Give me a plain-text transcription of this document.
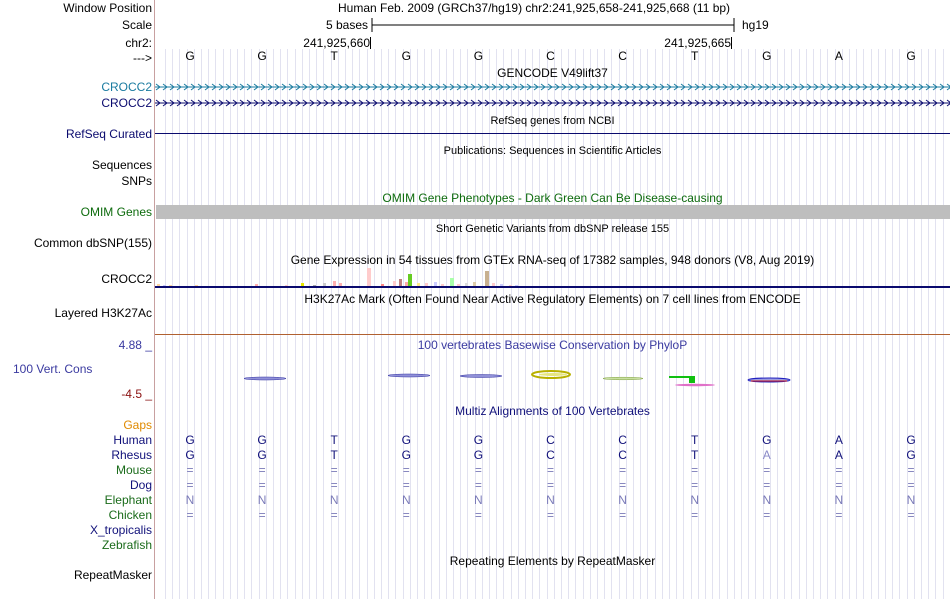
Window Position	Human Feb. 2009 (GRCh37/hg19) chr2:241,925,658-241,925,668 (11 bp)
Scale	5 bases	hg19
chr2:	241,925,660	241,925,665
--->	G	G	T	G	G	C	C	T	G	A	G
GENCODE V49lift37
CROCC2
CROCC2
RefSeq genes from NCBI
RefSeq Curated
Publications: Sequences in Scientific Articles
Sequences
SNPs
OMIM Gene Phenotypes - Dark Green Can Be Disease-causing
OMIM Genes
Short Genetic Variants from dbSNP release 155
Common dbSNP(155)
Gene Expression in 54 tissues from GTEx RNA-seq of 17382 samples, 948 donors (V8, Aug 2019)
CROCC2
H3K27Ac Mark (Often Found Near Active Regulatory Elements) on 7 cell lines from ENCODE
Layered H3K27Ac
4.88 _	100 vertebrates Basewise Conservation by PhyloP
100 Vert. Cons
-4.5 _
Multiz Alignments of 100 Vertebrates
Gaps
Human	G	G	T	G	G	C	C	T	G	A	G
Rhesus	G	G	T	G	G	C	C	T	A	A	G
Mouse	=	=	=	=	=	=	=	=	=	=	=
Dog	=	=	=	=	=	=	=	=	=	=	=
Elephant	N	N	N	N	N	N	N	N	N	N	N
Chicken	=	=	=	=	=	=	=	=	=	=	=
X_tropicalis
Zebrafish
Repeating Elements by RepeatMasker
RepeatMasker
